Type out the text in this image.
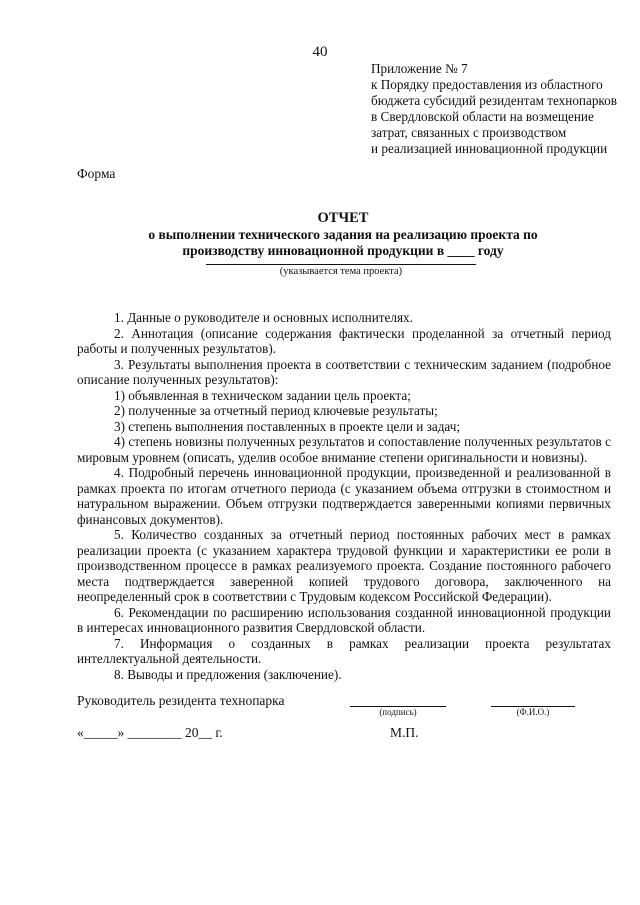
40
Приложение № 7
к Порядку предоставления из областного
бюджета субсидий резидентам технопарков
в Свердловской области на возмещение
затрат, связанных с производством
и реализацией инновационной продукции
Форма
ОТЧЕТ
о выполнении технического задания на реализацию проекта по производству инновационной продукции в ____ году
(указывается тема проекта)

1. Данные о руководителе и основных исполнителях.

2. Аннотация (описание содержания фактически проделанной за отчетный период работы и полученных результатов).

3. Результаты выполнения проекта в соответствии с техническим заданием (подробное описание полученных результатов):

1) объявленная в техническом задании цель проекта;

2) полученные за отчетный период ключевые результаты;

3) степень выполнения поставленных в проекте цели и задач;

4) степень новизны полученных результатов и сопоставление полученных результатов с мировым уровнем (описать, уделив особое внимание степени оригинальности и новизны).

4. Подробный перечень инновационной продукции, произведенной и реализованной в рамках проекта по итогам отчетного периода (с указанием объема отгрузки в стоимостном и натуральном выражении. Объем отгрузки подтверждается заверенными копиями первичных финансовых документов).

5. Количество созданных за отчетный период постоянных рабочих мест в рамках реализации проекта (с указанием характера трудовой функции и характеристики ее роли в производственном процессе в рамках реализуемого проекта. Создание постоянного рабочего места подтверждается заверенной копией трудового договора, заключенного на неопределенный срок в соответствии с Трудовым кодексом Российской Федерации).

6. Рекомендации по расширению использования созданной инновационной продукции в интересах инновационного развития Свердловской области.

7. Информация о созданных в рамках реализации проекта результатах интеллектуальной деятельности.

8. Выводы и предложения (заключение).

Руководитель резидента технопарка
(подпись)	(Ф.И.О.)
«_____» ________ 20__ г.	М.П.
